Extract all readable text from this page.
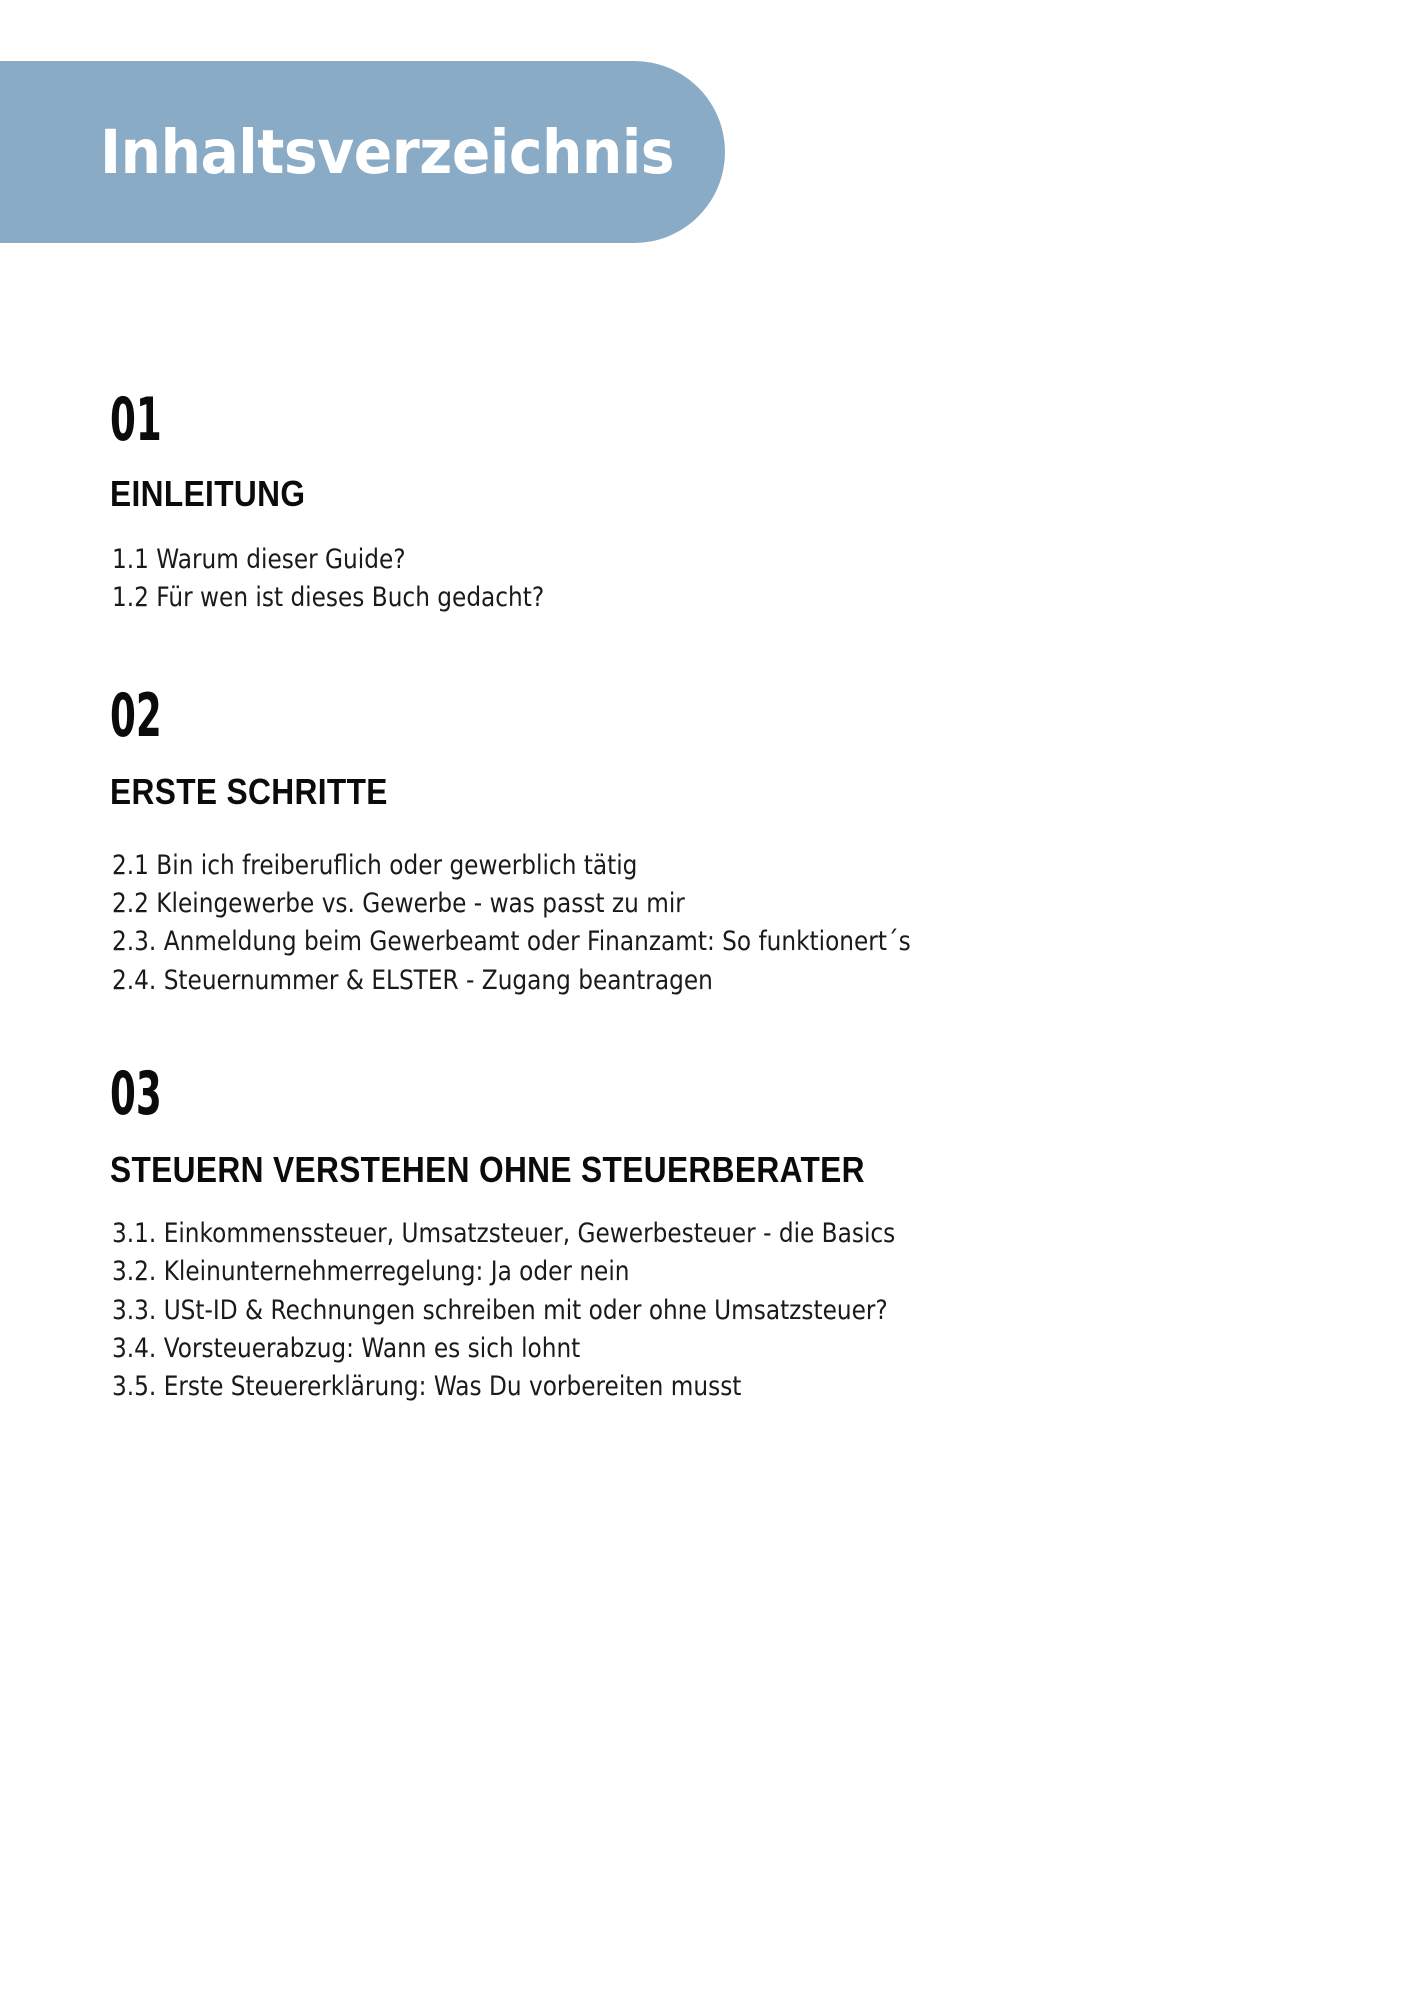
Inhaltsverzeichnis
01
EINLEITUNG
1.1 Warum dieser Guide?
1.2 Für wen ist dieses Buch gedacht?
02
ERSTE SCHRITTE
2.1 Bin ich freiberuflich oder gewerblich tätig
2.2 Kleingewerbe vs. Gewerbe - was passt zu mir
2.3. Anmeldung beim Gewerbeamt oder Finanzamt: So funktionert´s
2.4. Steuernummer & ELSTER - Zugang beantragen
03
STEUERN VERSTEHEN OHNE STEUERBERATER
3.1. Einkommenssteuer, Umsatzsteuer, Gewerbesteuer - die Basics
3.2. Kleinunternehmerregelung: Ja oder nein
3.3. USt-ID & Rechnungen schreiben mit oder ohne Umsatzsteuer?
3.4. Vorsteuerabzug: Wann es sich lohnt
3.5. Erste Steuererklärung: Was Du vorbereiten musst
